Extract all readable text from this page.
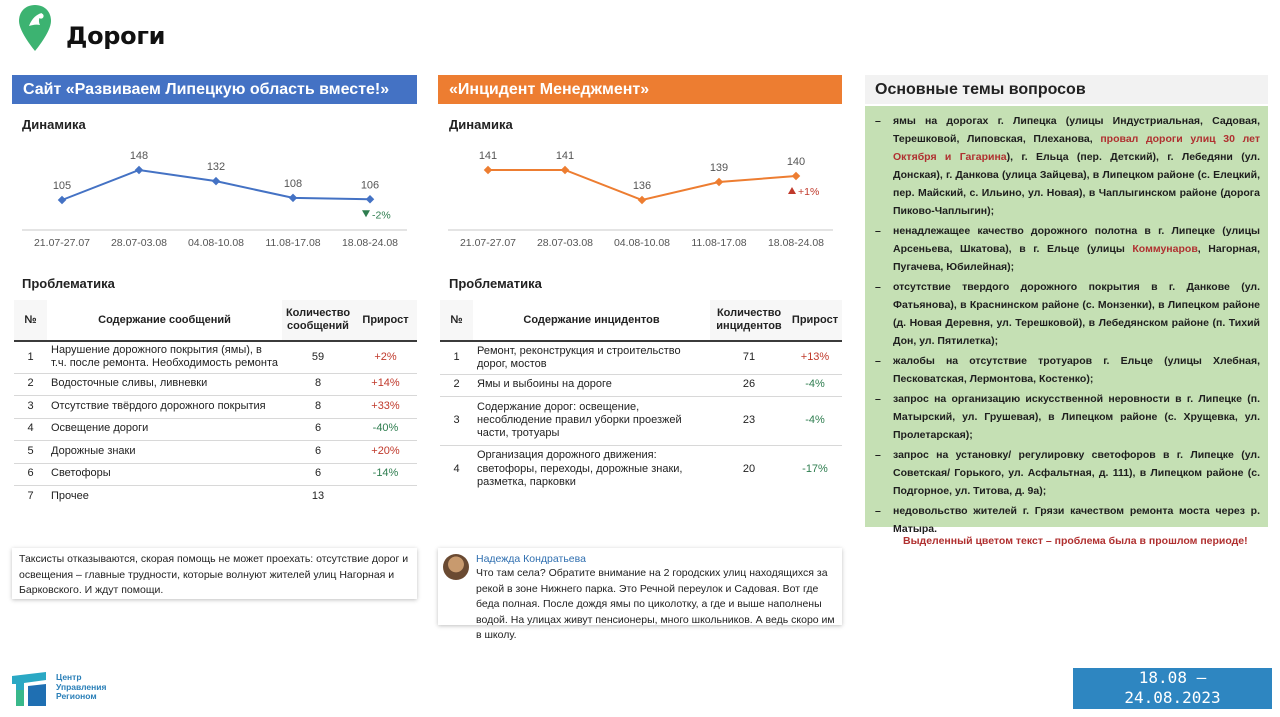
Дороги
Сайт «Развиваем Липецкую область вместе!»
Динамика
105
148
132
108	106
21.07-27.07 28.07-03.08 04.08-10.08 11.08-17.08 18.08-24.08
-2%
Проблематика
№	Содержание сообщений	Количество сообщений	Прирост
1	Нарушение дорожного покрытия (ямы), в т.ч. после ремонта. Необходимость ремонта	59	+2%
2	Водосточные сливы, ливневки	8	+14%
3	Отсутствие твёрдого дорожного покрытия	8	+33%
4	Освещение дороги	6	-40%
5	Дорожные знаки	6	+20%
6	Светофоры	6	-14%
7	Прочее	13	
Таксисты отказываются, скорая помощь не может проехать: отсутствие дорог и освещения – главные трудности, которые волнуют жителей улиц Нагорная и Барковского. И ждут помощи.
«Инцидент Менеджмент»
Динамика
141	141
136
139	140
21.07-27.07 28.07-03.08 04.08-10.08 11.08-17.08 18.08-24.08
+1%
Проблематика
№	Содержание инцидентов	Количество инцидентов	Прирост
1	Ремонт, реконструкция и строительство дорог, мостов	71	+13%
2	Ямы и выбоины на дороге	26	-4%
3	Содержание дорог: освещение, несоблюдение правил уборки проезжей части, тротуары	23	-4%
4	Организация дорожного движения: светофоры, переходы, дорожные знаки, разметка, парковки	20	-17%
Надежда Кондратьева
Что там села? Обратите внимание на 2 городских улиц находящихся за рекой в зоне Нижнего парка. Это Речной переулок и Садовая. Вот где беда полная. После дождя ямы по циколотку, а где и выше наполнены водой. На улицах живут пенсионеры, много школьников. А ведь скоро им в школу.
Основные темы вопросов
– ямы на дорогах г. Липецка (улицы Индустриальная, Садовая, Терешковой, Липовская, Плеханова, провал дороги улиц 30 лет Октября и Гагарина), г. Ельца (пер. Детский), г. Лебедяни (ул. Донская), г. Данкова (улица Зайцева), в Липецком районе (с. Елецкий, пер. Майский, с. Ильино, ул. Новая), в Чаплыгинском районе (дорога Пиково-Чаплыгин);
– ненадлежащее качество дорожного полотна в г. Липецке (улицы Арсеньева, Шкатова), в г. Ельце (улицы Коммунаров, Нагорная, Пугачева, Юбилейная);
– отсутствие твердого дорожного покрытия в г. Данкове (ул. Фатьянова), в Краснинском районе (с. Монзенки), в Липецком районе (д. Новая Деревня, ул. Терешковой), в Лебедянском районе (п. Тихий Дон, ул. Пятилетка);
– жалобы на отсутствие тротуаров г. Ельце (улицы Хлебная, Песковатская, Лермонтова, Костенко);
– запрос на организацию искусственной неровности в г. Липецке (п. Матырский, ул. Грушевая), в Липецком районе (с. Хрущевка, ул. Пролетарская);
– запрос на установку/ регулировку светофоров в г. Липецке (ул. Советская/ Горького, ул. Асфальтная, д. 111), в Липецком районе (с. Подгорное, ул. Титова, д. 9а);
– недовольство жителей г. Грязи качеством ремонта моста через р. Матыра.
Выделенный цветом текст – проблема была в прошлом периоде!
Центр
Управления
Регионом
18.08 –
24.08.2023
